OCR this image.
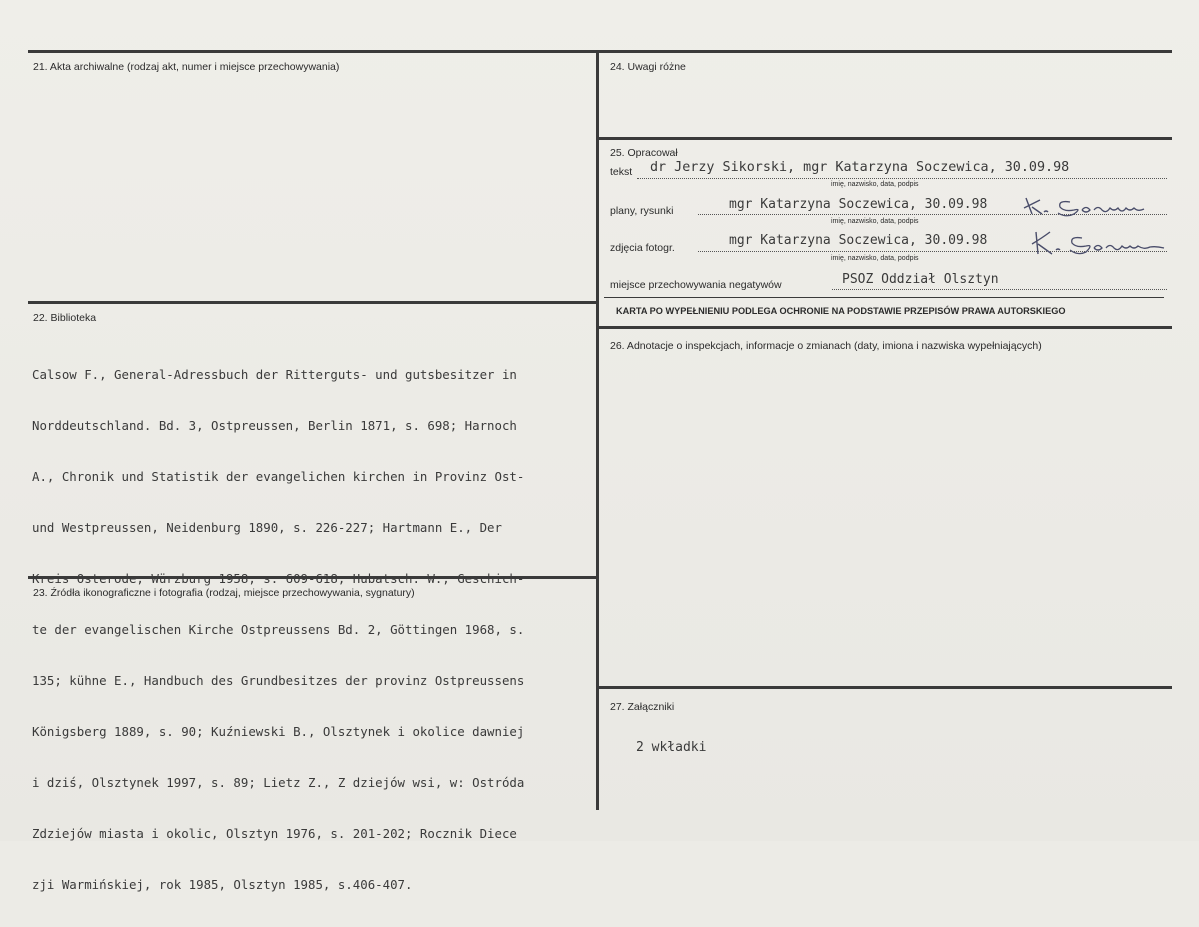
21. Akta archiwalne (rodzaj akt, numer i miejsce przechowywania)
22. Biblioteka

Calsow F., General-Adressbuch der Ritterguts- und gutsbesitzer in

Norddeutschland. Bd. 3, Ostpreussen, Berlin 1871, s. 698; Harnoch

A., Chronik und Statistik der evangelichen kirchen in Provinz Ost-

und Westpreussen, Neidenburg 1890, s. 226-227; Hartmann E., Der

Kreis Osterode, Würzburg 1958, s. 609-618; Hubatsch. W., Geschich-

te der evangelischen Kirche Ostpreussens Bd. 2, Göttingen 1968, s.

135; kühne E., Handbuch des Grundbesitzes der provinz Ostpreussens

Königsberg 1889, s. 90; Kuźniewski B., Olsztynek i okolice dawniej

i dziś, Olsztynek 1997, s. 89; Lietz Z., Z dziejów wsi, w: Ostróda

Zdziejów miasta i okolic, Olsztyn 1976, s. 201-202; Rocznik Diece

zji Warmińskiej, rok 1985, Olsztyn 1985, s.406-407.

23. Źródła ikonograficzne i fotografia (rodzaj, miejsce przechowywania, sygnatury)
24. Uwagi różne
25. Opracował
tekst dr Jerzy Sikorski, mgr Katarzyna Soczewica, 30.09.98
imię, nazwisko, data, podpis
plany, rysunki	mgr Katarzyna Soczewica, 30.09.98
imię, nazwisko, data, podpis
zdjęcia fotogr.	mgr Katarzyna Soczewica, 30.09.98
imię, nazwisko, data, podpis
miejsce przechowywania negatywów	PSOZ Oddział Olsztyn
KARTA PO WYPEŁNIENIU PODLEGA OCHRONIE NA PODSTAWIE PRZEPISÓW PRAWA AUTORSKIEGO
26. Adnotacje o inspekcjach, informacje o zmianach (daty, imiona i nazwiska wypełniających)
27. Załączniki
2 wkładki
